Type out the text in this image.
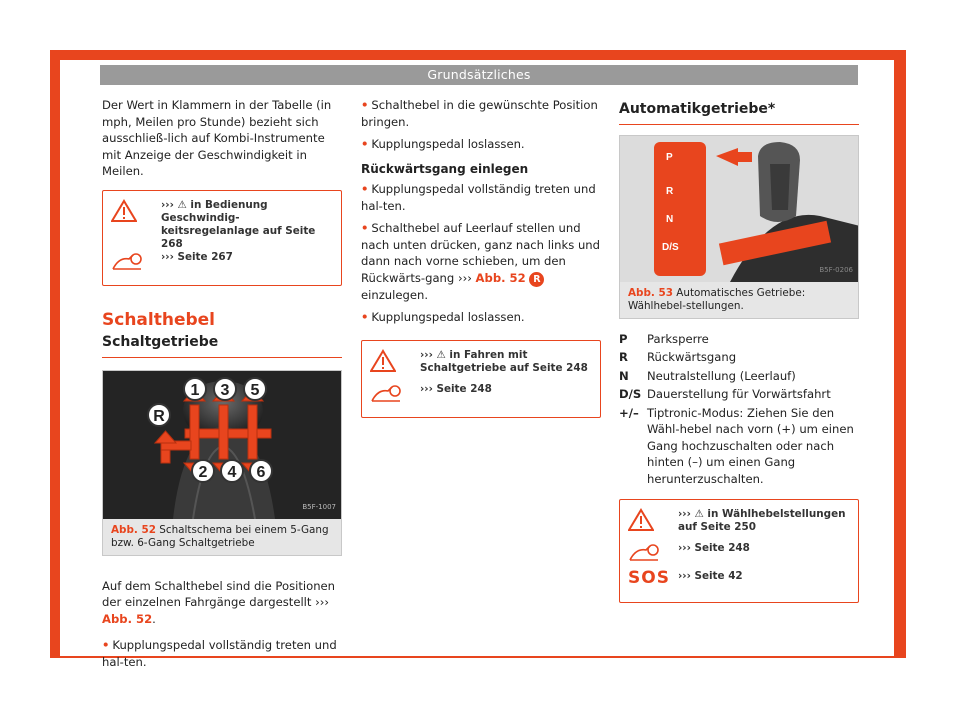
Grundsätzliches

Der Wert in Klammern in der Tabelle (in mph, Meilen pro Stunde) bezieht sich ausschließ-lich auf Kombi-Instrumente mit Anzeige der Geschwindigkeit in Meilen.

››› ⚠ in Bedienung Geschwindig-keitsregelanlage auf Seite 268
››› Seite 267
Schalthebel
Schaltgetriebe
1 3 5
R
2 4 6
B5F-1007
Abb. 52 Schaltschema bei einem 5-Gang bzw. 6-Gang Schaltgetriebe

Auf dem Schalthebel sind die Positionen der einzelnen Fahrgänge dargestellt ››› Abb. 52.

• Kupplungspedal vollständig treten und hal-ten.
• Schalthebel in die gewünschte Position bringen.
• Kupplungspedal loslassen.
Rückwärtsgang einlegen
• Kupplungspedal vollständig treten und hal-ten.
• Schalthebel auf Leerlauf stellen und nach unten drücken, ganz nach links und dann nach vorne schieben, um den Rückwärts-gang ››› Abb. 52 R einzulegen.
• Kupplungspedal loslassen.
››› ⚠ in Fahren mit Schaltgetriebe auf Seite 248
››› Seite 248
Automatikgetriebe*
P
R
N
D/S
B5F-0206
Abb. 53 Automatisches Getriebe: Wählhebel-stellungen.
P	Parksperre
R	Rückwärtsgang
N	Neutralstellung (Leerlauf)
D/S Dauerstellung für Vorwärtsfahrt
+/– Tiptronic-Modus: Ziehen Sie den Wähl-hebel nach vorn (+) um einen Gang hochzuschalten oder nach hinten (–) um einen Gang herunterzuschalten.
››› ⚠ in Wählhebelstellungen auf Seite 250
››› Seite 248
SOS ››› Seite 42
41
